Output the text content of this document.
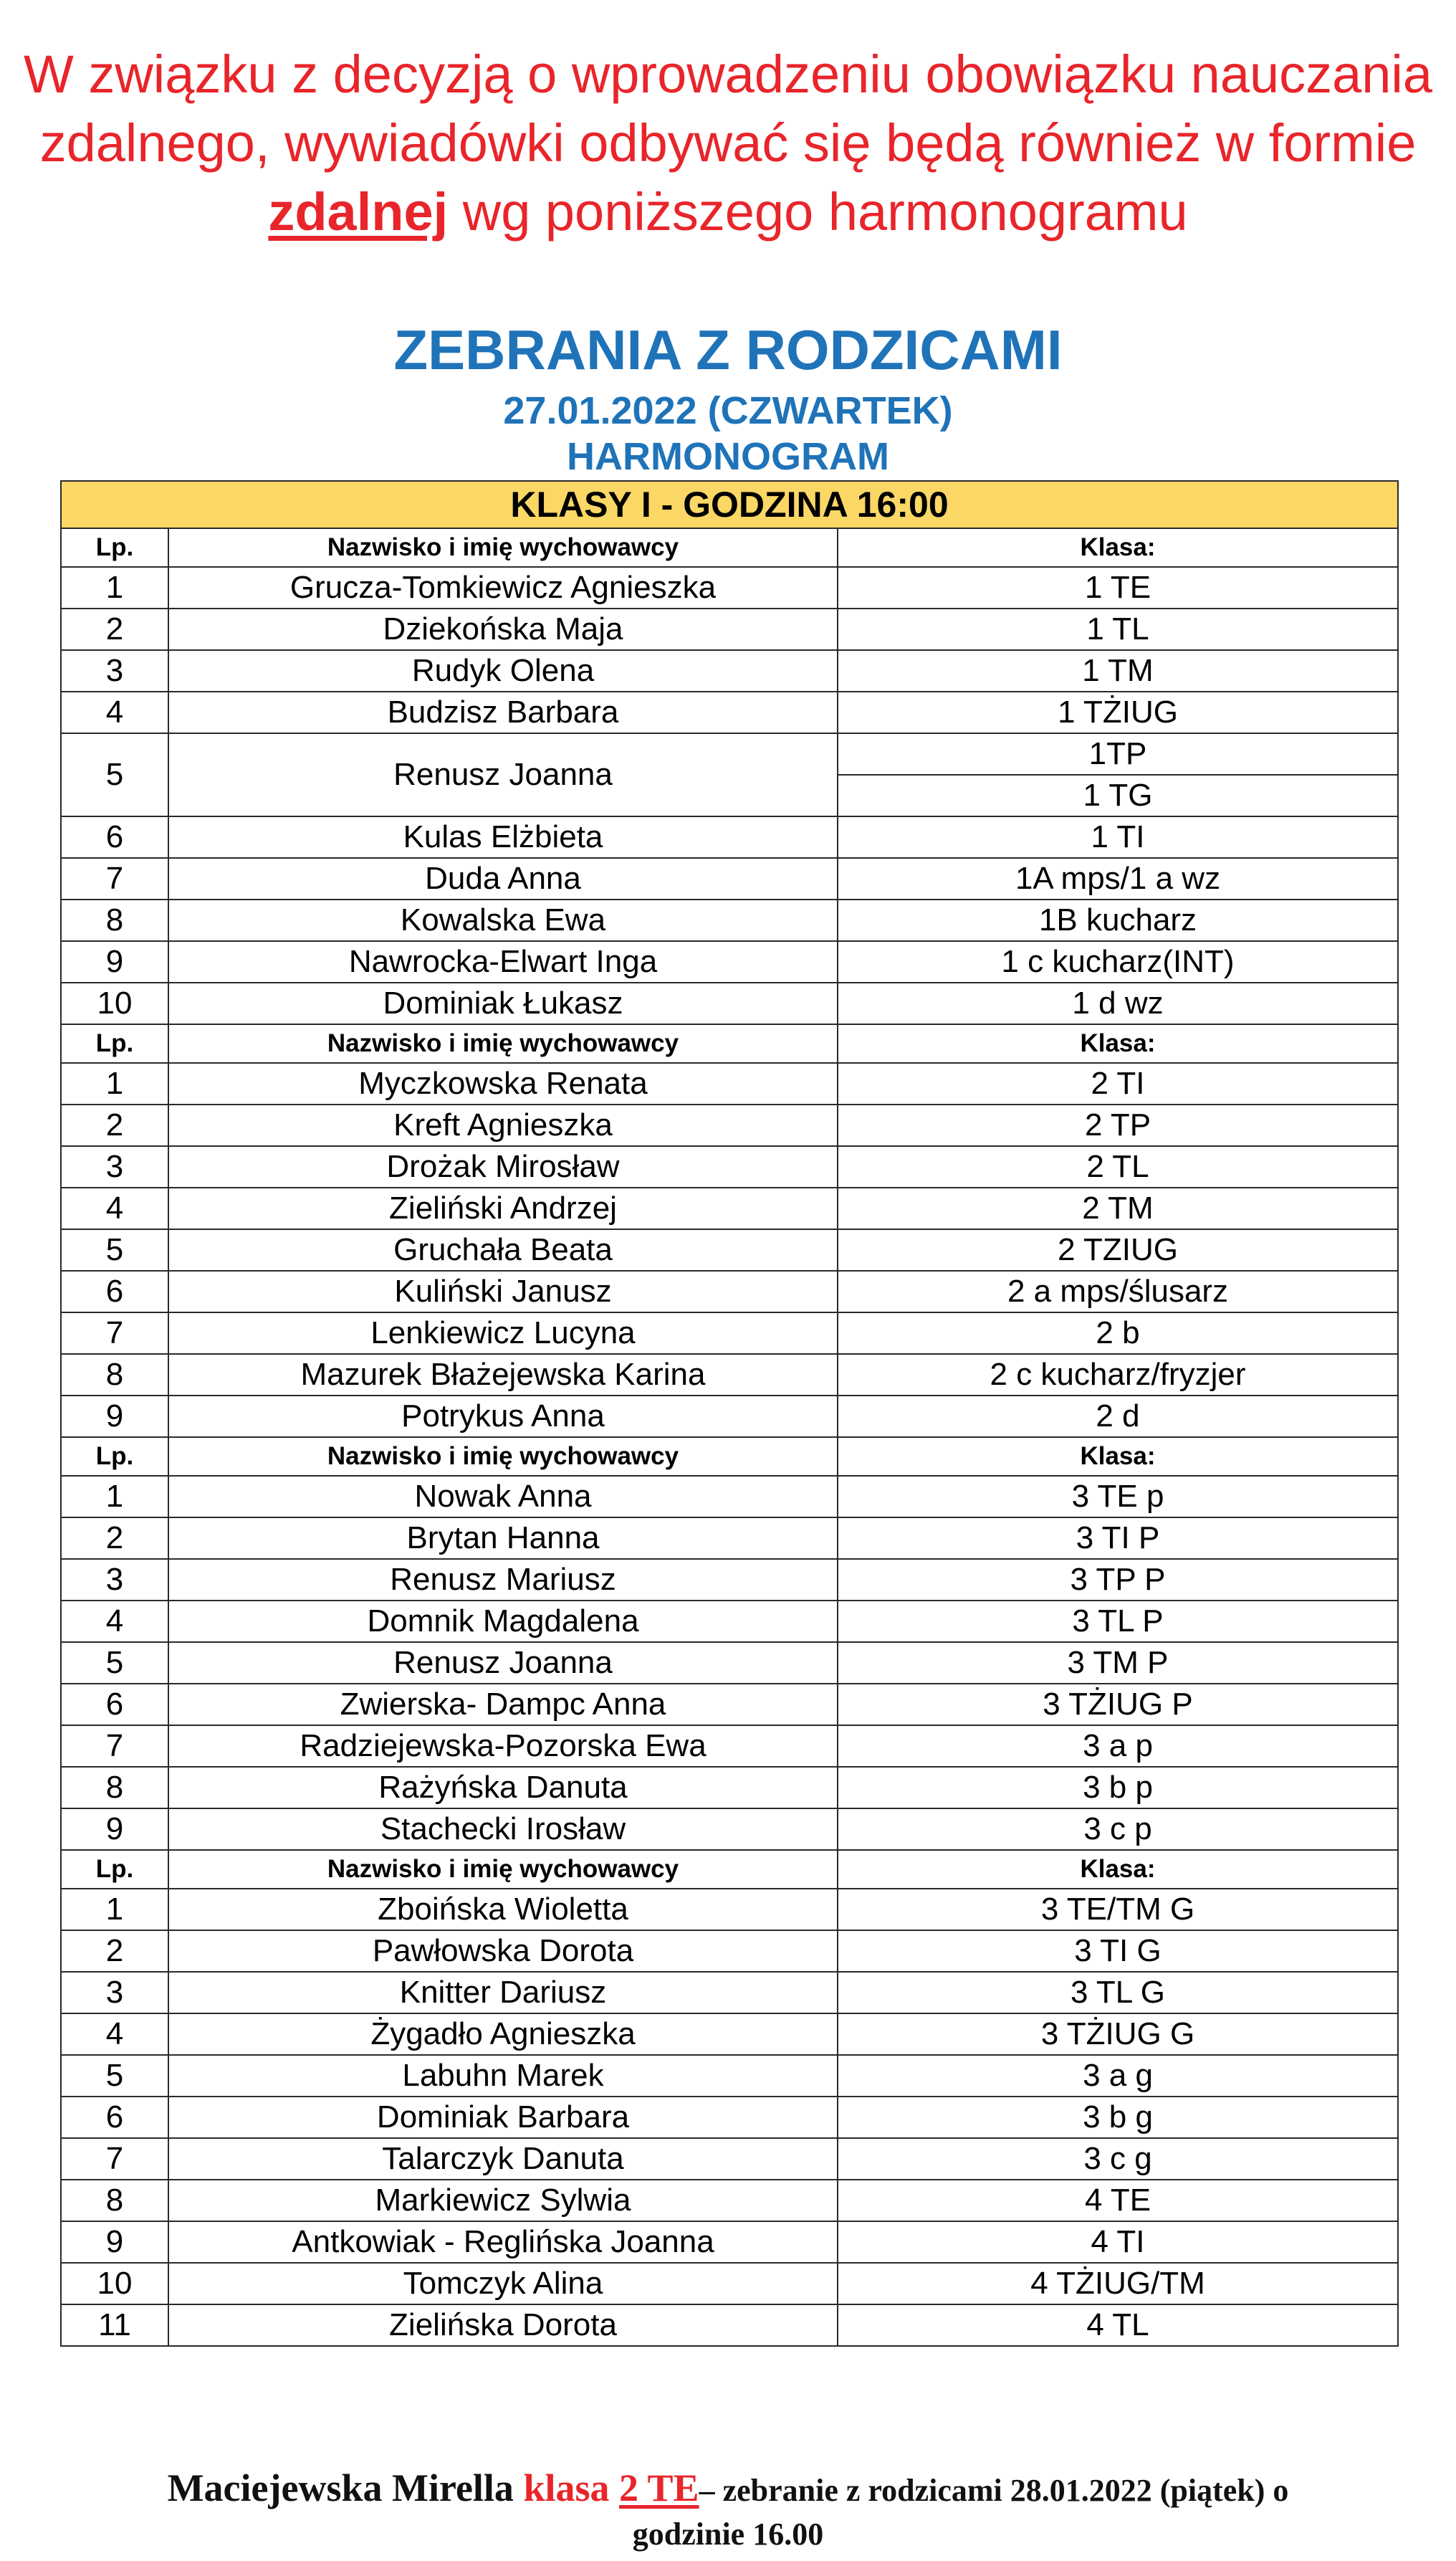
W związku z decyzją o wprowadzeniu obowiązku nauczania
zdalnego, wywiadówki odbywać się będą również w formie
zdalnej wg poniższego harmonogramu
ZEBRANIA Z RODZICAMI
27.01.2022 (CZWARTEK)
HARMONOGRAM
KLASY I - GODZINA 16:00		
Lp.	Nazwisko i imię wychowawcy	Klasa:
1	Grucza-Tomkiewicz Agnieszka	1 TE
2	Dziekońska Maja	1 TL
3	Rudyk Olena	1 TM
4	Budzisz Barbara	1 TŻIUG
5	Renusz Joanna	1TP
		1 TG
6	Kulas Elżbieta	1 TI
7	Duda Anna	1A mps/1 a wz
8	Kowalska Ewa	1B kucharz
9	Nawrocka-Elwart Inga	1 c kucharz(INT)
10	Dominiak Łukasz	1 d wz
Lp.	Nazwisko i imię wychowawcy	Klasa:
1	Myczkowska Renata	2 TI
2	Kreft Agnieszka	2 TP
3	Drożak Mirosław	2 TL
4	Zieliński Andrzej	2 TM
5	Gruchała Beata	2 TZIUG
6	Kuliński Janusz	2 a mps/ślusarz
7	Lenkiewicz Lucyna	2 b
8	Mazurek Błażejewska Karina	2 c kucharz/fryzjer
9	Potrykus Anna	2 d
Lp.	Nazwisko i imię wychowawcy	Klasa:
1	Nowak Anna	3 TE p
2	Brytan Hanna	3 TI P
3	Renusz Mariusz	3 TP P
4	Domnik Magdalena	3 TL P
5	Renusz Joanna	3 TM P
6	Zwierska- Dampc Anna	3 TŻIUG P
7	Radziejewska-Pozorska Ewa	3 a p
8	Rażyńska Danuta	3 b p
9	Stachecki Irosław	3 c p
Lp.	Nazwisko i imię wychowawcy	Klasa:
1	Zboińska Wioletta	3 TE/TM G
2	Pawłowska Dorota	3 TI G
3	Knitter Dariusz	3 TL G
4	Żygadło Agnieszka	3 TŻIUG G
5	Labuhn Marek	3 a g
6	Dominiak Barbara	3 b g
7	Talarczyk Danuta	3 c g
8	Markiewicz Sylwia	4 TE
9	Antkowiak - Reglińska Joanna	4 TI
10	Tomczyk Alina	4 TŻIUG/TM
11	Zielińska Dorota	4 TL
Maciejewska Mirella klasa 2 TE– zebranie z rodzicami 28.01.2022 (piątek) o
godzinie 16.00
